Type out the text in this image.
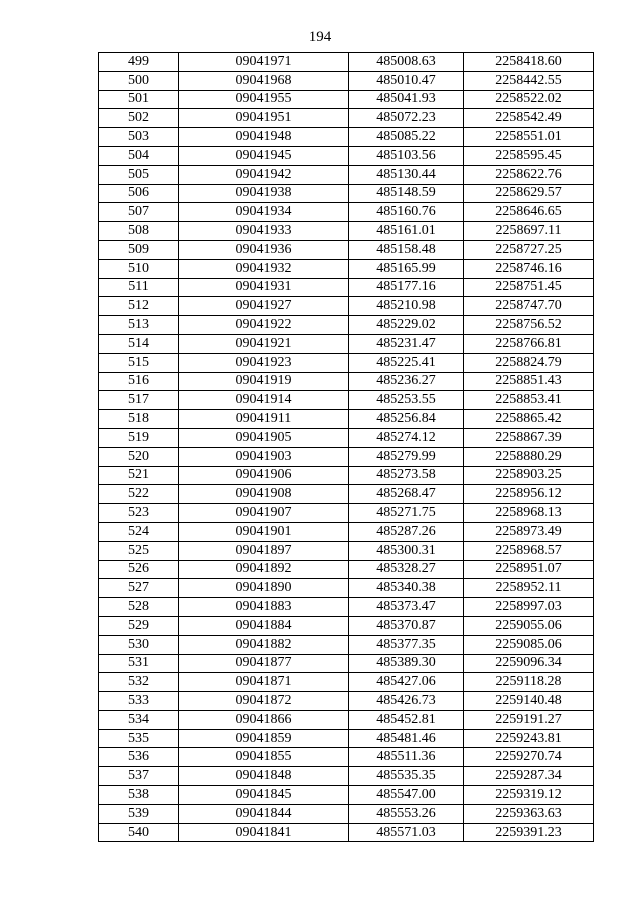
194
499	09041971	485008.63	2258418.60
500	09041968	485010.47	2258442.55
501	09041955	485041.93	2258522.02
502	09041951	485072.23	2258542.49
503	09041948	485085.22	2258551.01
504	09041945	485103.56	2258595.45
505	09041942	485130.44	2258622.76
506	09041938	485148.59	2258629.57
507	09041934	485160.76	2258646.65
508	09041933	485161.01	2258697.11
509	09041936	485158.48	2258727.25
510	09041932	485165.99	2258746.16
511	09041931	485177.16	2258751.45
512	09041927	485210.98	2258747.70
513	09041922	485229.02	2258756.52
514	09041921	485231.47	2258766.81
515	09041923	485225.41	2258824.79
516	09041919	485236.27	2258851.43
517	09041914	485253.55	2258853.41
518	09041911	485256.84	2258865.42
519	09041905	485274.12	2258867.39
520	09041903	485279.99	2258880.29
521	09041906	485273.58	2258903.25
522	09041908	485268.47	2258956.12
523	09041907	485271.75	2258968.13
524	09041901	485287.26	2258973.49
525	09041897	485300.31	2258968.57
526	09041892	485328.27	2258951.07
527	09041890	485340.38	2258952.11
528	09041883	485373.47	2258997.03
529	09041884	485370.87	2259055.06
530	09041882	485377.35	2259085.06
531	09041877	485389.30	2259096.34
532	09041871	485427.06	2259118.28
533	09041872	485426.73	2259140.48
534	09041866	485452.81	2259191.27
535	09041859	485481.46	2259243.81
536	09041855	485511.36	2259270.74
537	09041848	485535.35	2259287.34
538	09041845	485547.00	2259319.12
539	09041844	485553.26	2259363.63
540	09041841	485571.03	2259391.23
